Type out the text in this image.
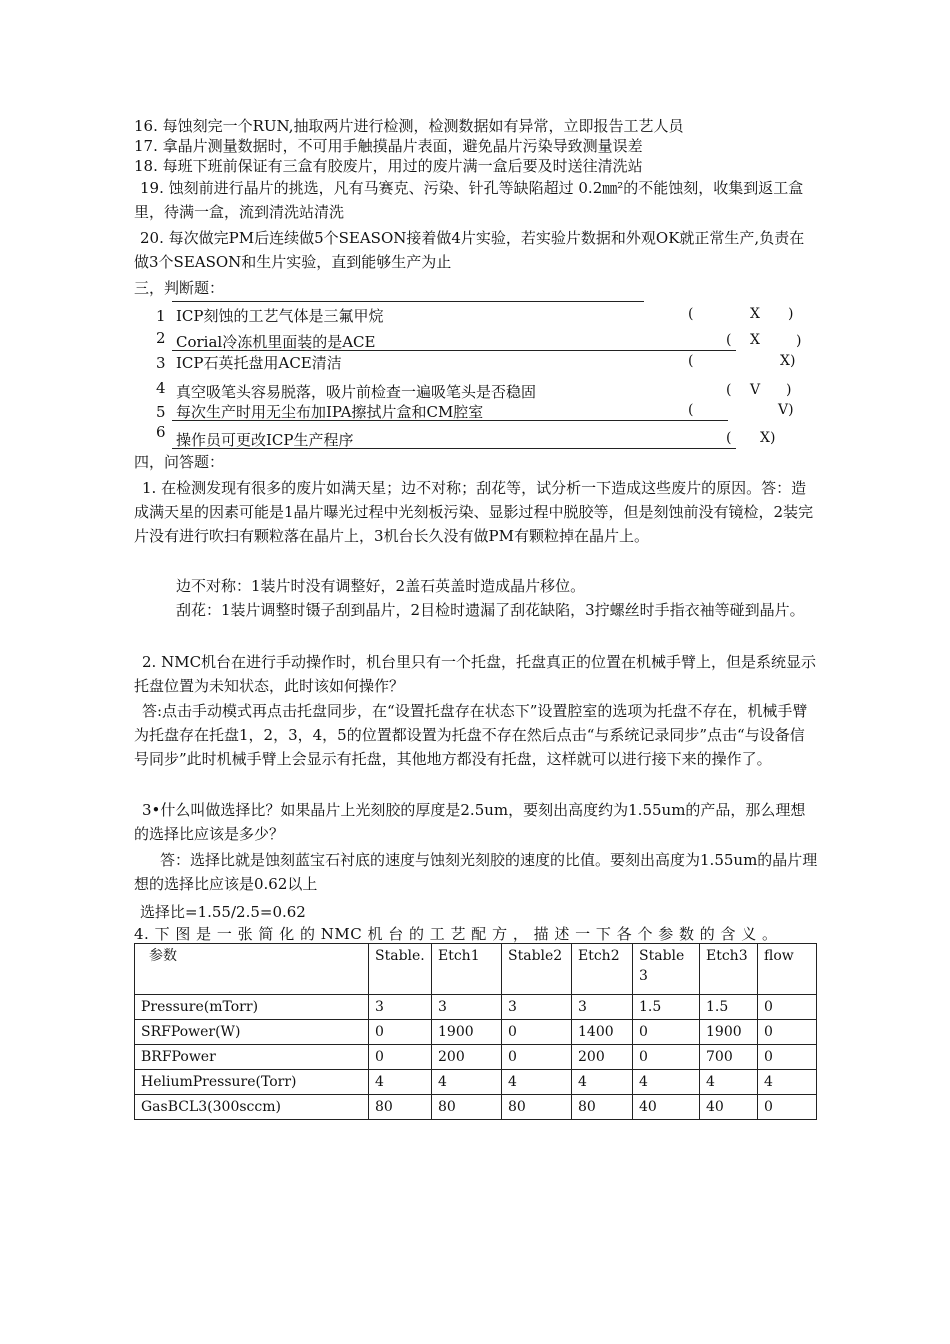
16. 每蚀刻完一个RUN,抽取两片进行检测，检测数据如有异常，立即报告工艺人员
17. 拿晶片测量数据时，不可用手触摸晶片表面，避免晶片污染导致测量误差
18. 每班下班前保证有三盒有胶废片，用过的废片满一盒后要及时送往清洗站
19. 蚀刻前进行晶片的挑选，凡有马赛克、污染、针孔等缺陷超过 0.2㎜²的不能蚀刻，收集到返工盒里，待满一盒，流到清洗站清洗
20. 每次做完PM后连续做5个SEASON接着做4片实验，若实验片数据和外观OK就正常生产,负责在做3个SEASON和生片实验，直到能够生产为止
三，判断题：
1 ICP刻蚀的工艺气体是三氟甲烷	(	X )
2 Corial冷冻机里面装的是ACE	( X	)
3 ICP石英托盘用ACE清洁	(	X)
4 真空吸笔头容易脱落，吸片前检查一遍吸笔头是否稳固	( V )
5 每次生产时用无尘布加IPA擦拭片盒和CM腔室	(	V)
6 操作员可更改ICP生产程序	( X)
四，问答题：
1. 在检测发现有很多的废片如满天星；边不对称；刮花等，试分析一下造成这些废片的原因。答：造成满天星的因素可能是1晶片曝光过程中光刻板污染、显影过程中脱胶等，但是刻蚀前没有镜检，2装完片没有进行吹扫有颗粒落在晶片上，3机台长久没有做PM有颗粒掉在晶片上。
边不对称：1装片时没有调整好，2盖石英盖时造成晶片移位。
刮花：1装片调整时镊子刮到晶片，2目检时遗漏了刮花缺陷，3拧螺丝时手指衣袖等碰到晶片。
2. NMC机台在进行手动操作时，机台里只有一个托盘，托盘真正的位置在机械手臂上，但是系统显示托盘位置为未知状态，此时该如何操作？
答:点击手动模式再点击托盘同步，在“设置托盘存在状态下”设置腔室的选项为托盘不存在，机械手臂为托盘存在托盘1，2，3，4，5的位置都设置为托盘不存在然后点击“与系统记录同步”点击“与设备信号同步”此时机械手臂上会显示有托盘，其他地方都没有托盘，这样就可以进行接下来的操作了。
3•什么叫做选择比？如果晶片上光刻胶的厚度是2.5um，要刻出高度约为1.55um的产品，那么理想的选择比应该是多少？
答：选择比就是蚀刻蓝宝石衬底的速度与蚀刻光刻胶的速度的比值。要刻出高度为1.55um的晶片理想的选择比应该是0.62以上
选择比=1.55/2.5=0.62
4. 下 图 是 一 张 简 化 的 NMC 机 台 的 工 艺 配 方 ， 描 述 一 下 各 个 参 数 的 含 义 。
参数	Stable.	Etch1	Stable2	Etch2	Stable3	Etch3	flow
Pressure(mTorr)	3	3	3	3	1.5	1.5	0
SRFPower(W)	0	1900	0	1400	0	1900	0
BRFPower	0	200	0	200	0	700	0
HeliumPressure(Torr)	4	4	4	4	4	4	4
GasBCL3(300sccm)	80	80	80	80	40	40	0
